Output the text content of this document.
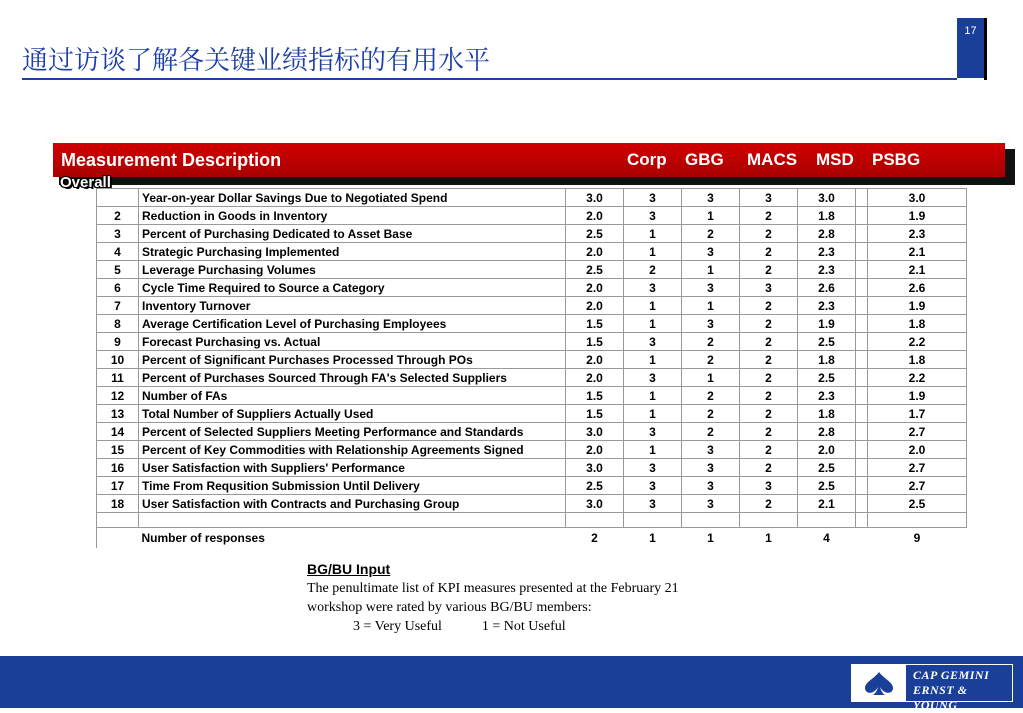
通过访谈了解各关键业绩指标的有用水平
17
Measurement Description	Corp GBG MACS MSD PSBG
Overall
	Year-on-year Dollar Savings Due to Negotiated Spend	3.0	3	3	3	3.0		3.0
2	Reduction in Goods in Inventory	2.0	3	1	2	1.8		1.9
3	Percent of Purchasing Dedicated to Asset Base	2.5	1	2	2	2.8		2.3
4	Strategic Purchasing Implemented	2.0	1	3	2	2.3		2.1
5	Leverage Purchasing Volumes	2.5	2	1	2	2.3		2.1
6	Cycle Time Required to Source a Category	2.0	3	3	3	2.6		2.6
7	Inventory Turnover	2.0	1	1	2	2.3		1.9
8	Average Certification Level of Purchasing Employees	1.5	1	3	2	1.9		1.8
9	Forecast Purchasing vs. Actual	1.5	3	2	2	2.5		2.2
10	Percent of Significant Purchases Processed Through POs	2.0	1	2	2	1.8		1.8
11	Percent of Purchases Sourced Through FA's Selected Suppliers	2.0	3	1	2	2.5		2.2
12	Number of FAs	1.5	1	2	2	2.3		1.9
13	Total Number of Suppliers Actually Used	1.5	1	2	2	1.8		1.7
14	Percent of Selected Suppliers Meeting Performance and Standards	3.0	3	2	2	2.8		2.7
15	Percent of Key Commodities with Relationship Agreements Signed	2.0	1	3	2	2.0		2.0
16	User Satisfaction with Suppliers' Performance	3.0	3	3	2	2.5		2.7
17	Time From Requsition Submission Until Delivery	2.5	3	3	3	2.5		2.7
18	User Satisfaction with Contracts and Purchasing Group	3.0	3	3	2	2.1		2.5

	Number of responses	2	1	1	1	4		9
BG/BU Input
The penultimate list of KPI measures presented at the February 21
workshop were rated by various BG/BU members:
3 = Very Useful	1 = Not Useful
CAP GEMINI
ERNST & YOUNG
